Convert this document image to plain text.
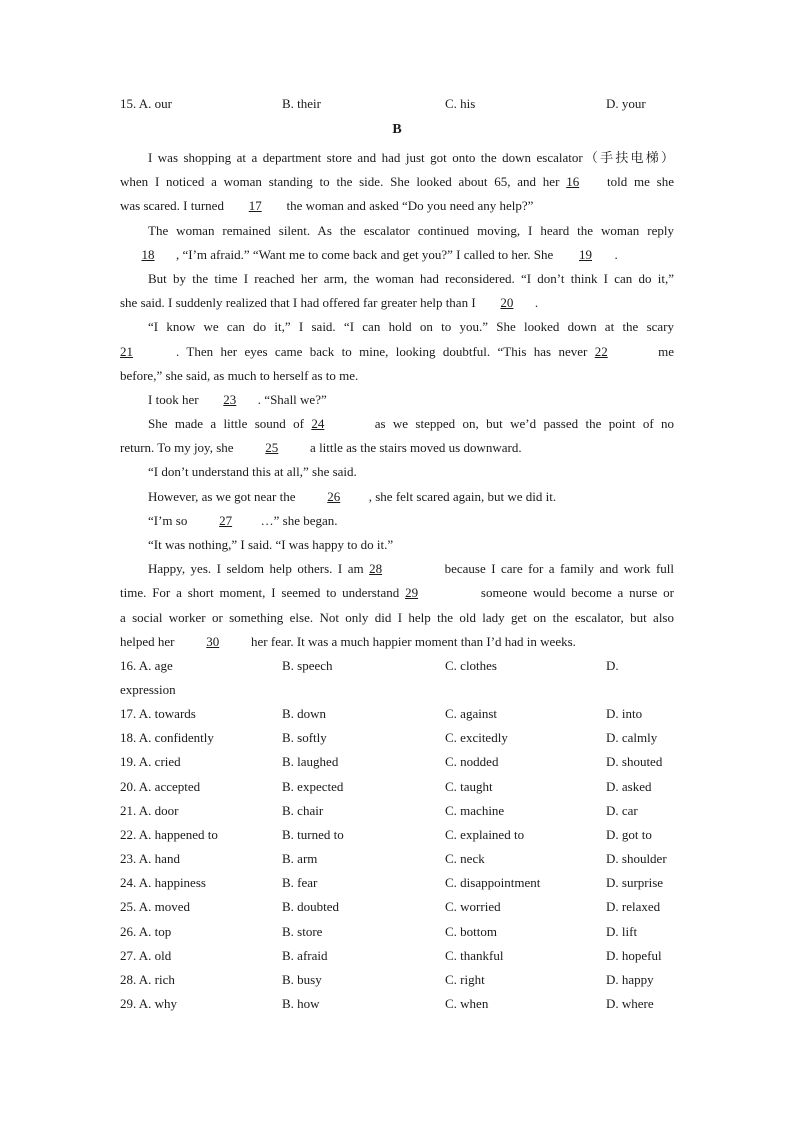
15. A. our	B. their	C. his	D. your
B
I was shopping at a department store and had just got onto the down escalator（手扶电梯）
when I noticed a woman standing to the side. She looked about 65, and her 16 told me she
was scared. I turned 17 the woman and asked “Do you need any help?”
The woman remained silent. As the escalator continued moving, I heard the woman reply
18 , “I’m afraid.” “Want me to come back and get you?” I called to her. She 19 .
But by the time I reached her arm, the woman had reconsidered. “I don’t think I can do it,”
she said. I suddenly realized that I had offered far greater help than I 20 .
“I know we can do it,” I said. “I can hold on to you.” She looked down at the scary
21	. Then her eyes came back to mine, looking doubtful. “This has never 22	me
before,” she said, as much to herself as to me.
I took her 23 . “Shall we?”
She made a little sound of 24	as we stepped on, but we’d passed the point of no
return. To my joy, she 25 a little as the stairs moved us downward.
“I don’t understand this at all,” she said.
However, as we got near the 26 , she felt scared again, but we did it.
“I’m so 27 …” she began.
“It was nothing,” I said. “I was happy to do it.”
Happy, yes. I seldom help others. I am 28	because I care for a family and work full
time. For a short moment, I seemed to understand 29	someone would become a nurse or
a social worker or something else. Not only did I help the old lady get on the escalator, but also
helped her 30 her fear. It was a much happier moment than I’d had in weeks.
16. A. age	B. speech	C. clothes	D.
expression
17. A. towards	B. down	C. against	D. into
18. A. confidently	B. softly	C. excitedly	D. calmly
19. A. cried	B. laughed	C. nodded	D. shouted
20. A. accepted	B. expected	C. taught	D. asked
21. A. door	B. chair	C. machine	D. car
22. A. happened to	B. turned to	C. explained to	D. got to
23. A. hand	B. arm	C. neck	D. shoulder
24. A. happiness	B. fear	C. disappointment	D. surprise
25. A. moved	B. doubted	C. worried	D. relaxed
26. A. top	B. store	C. bottom	D. lift
27. A. old	B. afraid	C. thankful	D. hopeful
28. A. rich	B. busy	C. right	D. happy
29. A. why	B. how	C. when	D. where
